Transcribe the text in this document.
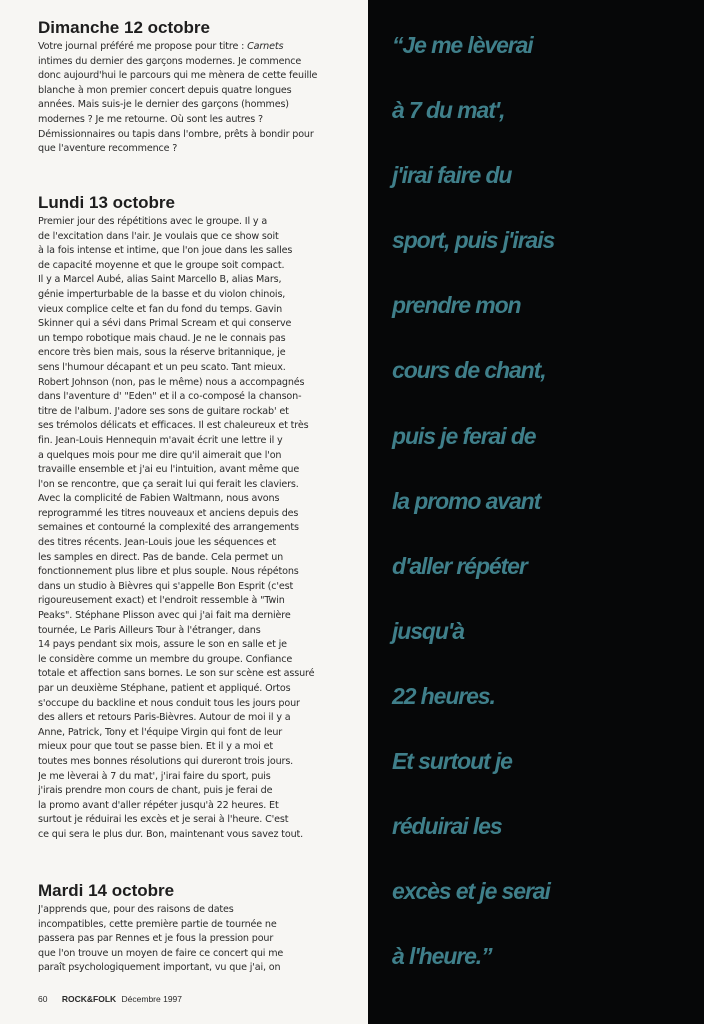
Dimanche 12 octobre

Votre journal préféré me propose pour titre : Carnets
intimes du dernier des garçons modernes. Je commence
donc aujourd'hui le parcours qui me mènera de cette feuille
blanche à mon premier concert depuis quatre longues
années. Mais suis-je le dernier des garçons (hommes)
modernes ? Je me retourne. Où sont les autres ?
Démissionnaires ou tapis dans l'ombre, prêts à bondir pour
que l'aventure recommence ?

Lundi 13 octobre

Premier jour des répétitions avec le groupe. Il y a
de l'excitation dans l'air. Je voulais que ce show soit
à la fois intense et intime, que l'on joue dans les salles
de capacité moyenne et que le groupe soit compact.
Il y a Marcel Aubé, alias Saint Marcello B, alias Mars,
génie imperturbable de la basse et du violon chinois,
vieux complice celte et fan du fond du temps. Gavin
Skinner qui a sévi dans Primal Scream et qui conserve
un tempo robotique mais chaud. Je ne le connais pas
encore très bien mais, sous la réserve britannique, je
sens l'humour décapant et un peu scato. Tant mieux.
Robert Johnson (non, pas le même) nous a accompagnés
dans l'aventure d' "Eden" et il a co-composé la chanson-
titre de l'album. J'adore ses sons de guitare rockab' et
ses trémolos délicats et efficaces. Il est chaleureux et très
fin. Jean-Louis Hennequin m'avait écrit une lettre il y
a quelques mois pour me dire qu'il aimerait que l'on
travaille ensemble et j'ai eu l'intuition, avant même que
l'on se rencontre, que ça serait lui qui ferait les claviers.
Avec la complicité de Fabien Waltmann, nous avons
reprogrammé les titres nouveaux et anciens depuis des
semaines et contourné la complexité des arrangements
des titres récents. Jean-Louis joue les séquences et
les samples en direct. Pas de bande. Cela permet un
fonctionnement plus libre et plus souple. Nous répétons
dans un studio à Bièvres qui s'appelle Bon Esprit (c'est
rigoureusement exact) et l'endroit ressemble à "Twin
Peaks". Stéphane Plisson avec qui j'ai fait ma dernière
tournée, Le Paris Ailleurs Tour à l'étranger, dans
14 pays pendant six mois, assure le son en salle et je
le considère comme un membre du groupe. Confiance
totale et affection sans bornes. Le son sur scène est assuré
par un deuxième Stéphane, patient et appliqué. Ortos
s'occupe du backline et nous conduit tous les jours pour
des allers et retours Paris-Bièvres. Autour de moi il y a
Anne, Patrick, Tony et l'équipe Virgin qui font de leur
mieux pour que tout se passe bien. Et il y a moi et
toutes mes bonnes résolutions qui dureront trois jours.
Je me lèverai à 7 du mat', j'irai faire du sport, puis
j'irais prendre mon cours de chant, puis je ferai de
la promo avant d'aller répéter jusqu'à 22 heures. Et
surtout je réduirai les excès et je serai à l'heure. C'est
ce qui sera le plus dur. Bon, maintenant vous savez tout.

Mardi 14 octobre

J'apprends que, pour des raisons de dates
incompatibles, cette première partie de tournée ne
passera pas par Rennes et je fous la pression pour
que l'on trouve un moyen de faire ce concert qui me
paraît psychologiquement important, vu que j'ai, on

60 ROCK&FOLK Décembre 1997
“Je me lèverai
à 7 du mat',
j'irai faire du
sport, puis j'irais
prendre mon
cours de chant,
puis je ferai de
la promo avant
d'aller répéter
jusqu'à
22 heures.
Et surtout je
réduirai les
excès et je serai
à l'heure.”
